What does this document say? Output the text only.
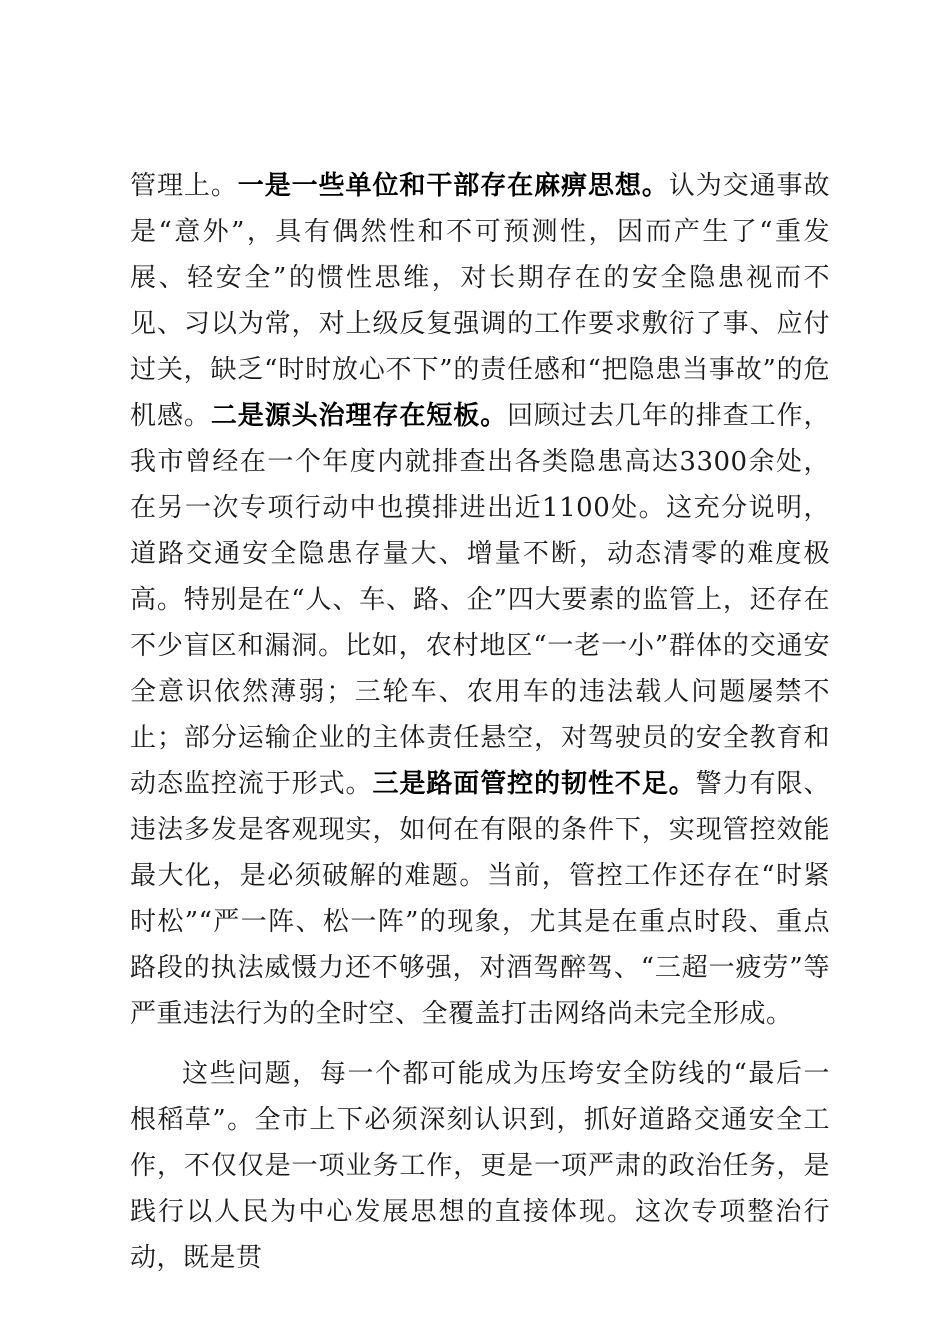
管理上。一是一些单位和干部存在麻痹思想。认为交通事故是“意外”，具有偶然性和不可预测性，因而产生了“重发展、轻安全”的惯性思维，对长期存在的安全隐患视而不见、习以为常，对上级反复强调的工作要求敷衍了事、应付过关，缺乏“时时放心不下”的责任感和“把隐患当事故”的危机感。二是源头治理存在短板。回顾过去几年的排查工作，我市曾经在一个年度内就排查出各类隐患高达3300余处，在另一次专项行动中也摸排进出近1100处。这充分说明，道路交通安全隐患存量大、增量不断，动态清零的难度极高。特别是在“人、车、路、企”四大要素的监管上，还存在不少盲区和漏洞。比如，农村地区“一老一小”群体的交通安全意识依然薄弱；三轮车、农用车的违法载人问题屡禁不止；部分运输企业的主体责任悬空，对驾驶员的安全教育和动态监控流于形式。三是路面管控的韧性不足。警力有限、违法多发是客观现实，如何在有限的条件下，实现管控效能最大化，是必须破解的难题。当前，管控工作还存在“时紧时松”“严一阵、松一阵”的现象，尤其是在重点时段、重点路段的执法威慑力还不够强，对酒驾醉驾、“三超一疲劳”等严重违法行为的全时空、全覆盖打击网络尚未完全形成。

这些问题，每一个都可能成为压垮安全防线的“最后一根稻草”。全市上下必须深刻认识到，抓好道路交通安全工作，不仅仅是一项业务工作，更是一项严肃的政治任务，是践行以人民为中心发展思想的直接体现。这次专项整治行动，既是贯
